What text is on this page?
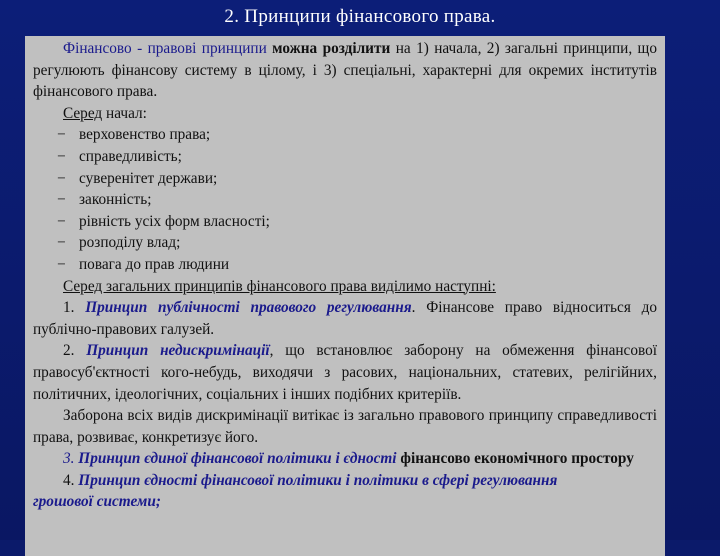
2. Принципи фінансового права.

Фінансово - правові принципи можна розділити на 1) начала, 2) загальні принципи, що регулюють фінансову систему в цілому, і 3) спеціальні, характерні для окремих інститутів фінансового права.

Серед начал:

− верховенство права;

− справедливість;

− суверенітет держави;

− законність;

− рівність усіх форм власності;

− розподілу влад;

− повага до прав людини

Серед загальних принципів фінансового права виділимо наступні:

1. Принцип публічності правового регулювання. Фінансове право відноситься до публічно-правових галузей.

2. Принцип недискримінації, що встановлює заборону на обмеження фінансової правосуб'єктності кого-небудь, виходячи з расових, національних, статевих, релігійних, політичних, ідеологічних, соціальних і інших подібних критеріїв.

Заборона всіх видів дискримінації витікає із загально правового принципу справедливості права, розвиває, конкретизує його.

3. Принцип єдиної фінансової політики і єдності фінансово економічного простору

4. Принцип єдності фінансової політики і політики в сфері регулювання

грошової системи;
